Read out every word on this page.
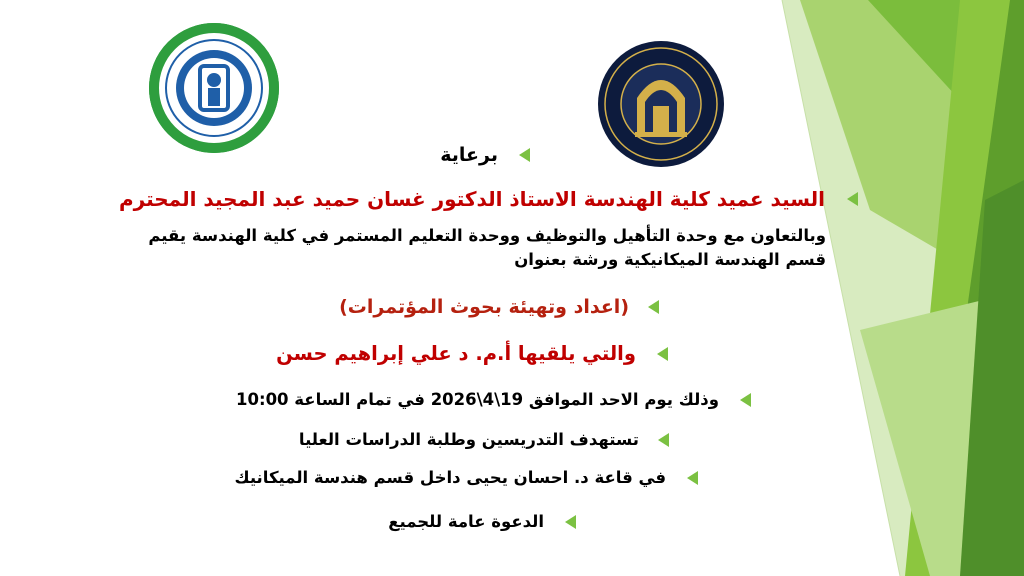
برعاية
السيد عميد كلية الهندسة الاستاذ الدكتور غسان حميد عبد المجيد المحترم
وبالتعاون مع وحدة التأهيل والتوظيف ووحدة التعليم المستمر في كلية الهندسة يقيم
قسم الهندسة الميكانيكية ورشة بعنوان
(اعداد وتهيئة بحوث المؤتمرات)
والتي يلقيها أ.م. د علي إبراهيم حسن
وذلك يوم الاحد الموافق 19\4\2026 في تمام الساعة 10:00
تستهدف التدريسين وطلبة الدراسات العليا
في قاعة د. احسان يحيى داخل قسم هندسة الميكانيك
الدعوة عامة للجميع
